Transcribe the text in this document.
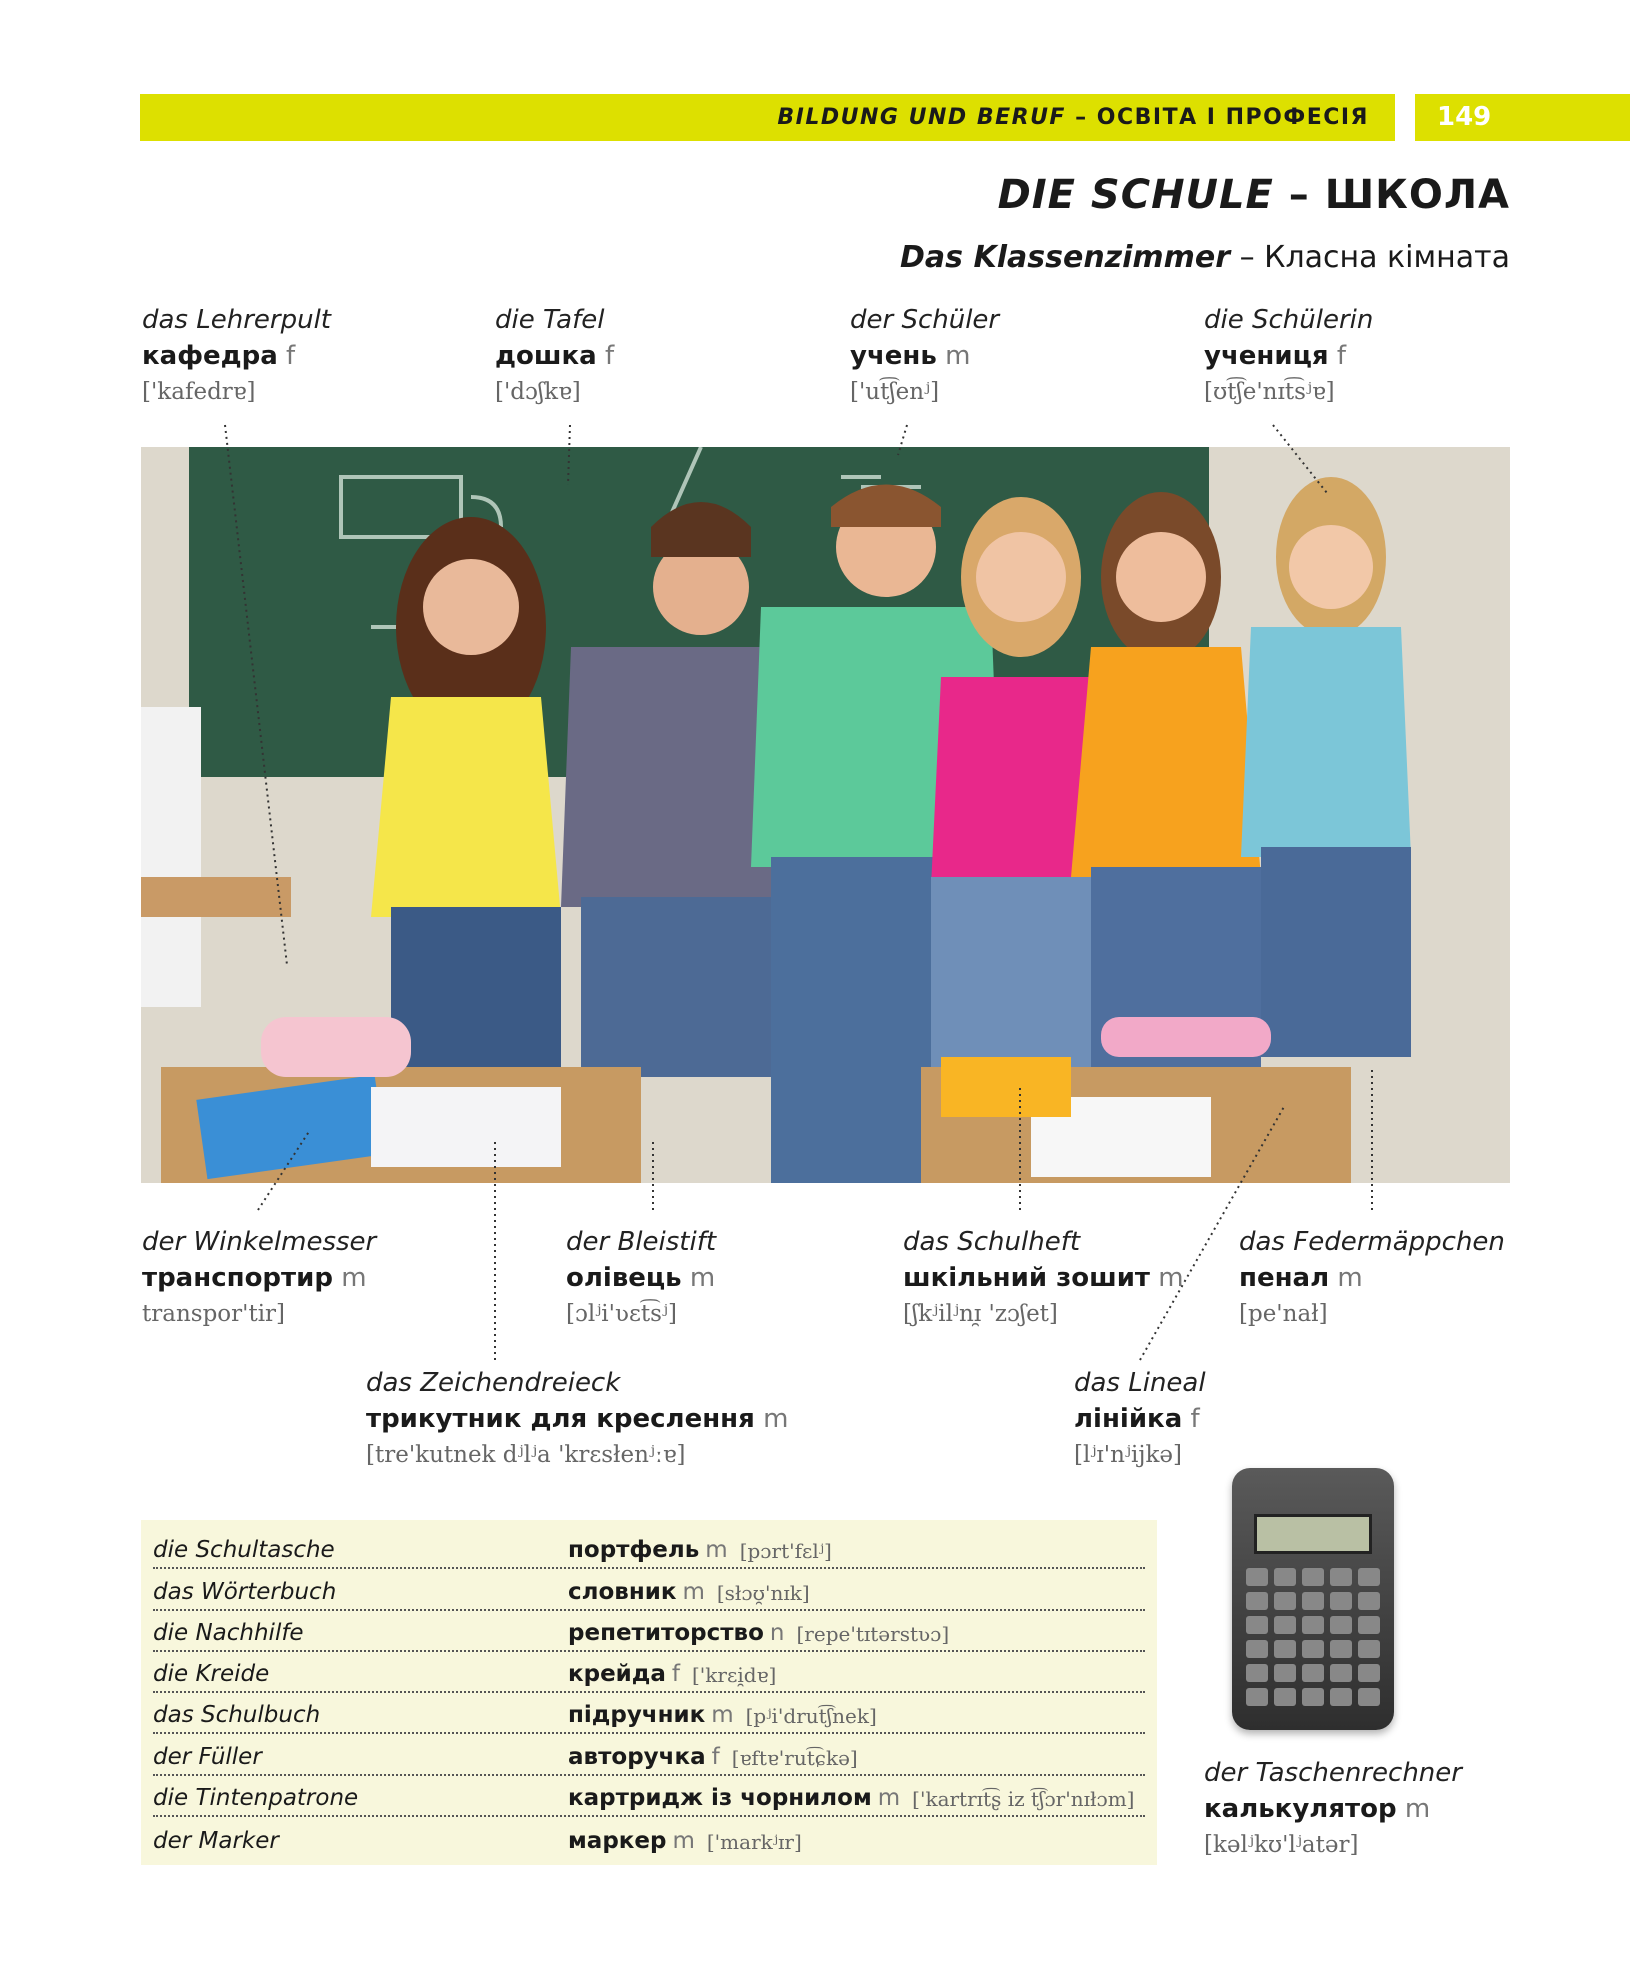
BILDUNG UND BERUF – ОСВІТА І ПРОФЕСІЯ	149
DIE SCHULE – ШКОЛА
Das Klassenzimmer – Класна кімната
das Lehrerpult
кафедра f
['kafedrɐ]
die Tafel
дошка f
['dɔʃkɐ]
der Schüler
учень m
['ut͡ʃenʲ]
die Schülerin
учениця f
[ʊt͡ʃe'nɪt͡sʲɐ]
der Winkelmesser
транспортир m
transpor'tir]
der Bleistift
олівець m
[ɔlʲi'ʋɛt͡sʲ]
das Schulheft
шкільний зошит m
[ʃkʲilʲnɪ̯ 'zɔʃet]
das Federmäppchen
пенал m
[pe'nał]
das Zeichendreieck
трикутник для креслення m
[tre'kutnek dʲlʲa 'krɛsłenʲːɐ]
das Lineal
лінійка f
[lʲɪ'nʲijkə]
die Schultasche	портфель m [pɔrt'fɛlʲ]
das Wörterbuch	словник m [słɔʊ̯'nɪk]
die Nachhilfe	репетиторство n [repe'tɪtərstʋɔ]
die Kreide	крейда f ['krɛi̯dɐ]
das Schulbuch	підручник m [pʲi'drut͡ʃnek]
der Füller	авторучка f [ɐftɐ'rut͡ɕkə]
die Tintenpatrone	картридж із чорнилом m ['kartrɪt͡ʂ iz t͡ʃɔr'nɪłɔm]
der Marker	маркер m ['markʲɪr]
der Taschenrechner
калькулятор m
[kəlʲkʊ'lʲatər]
